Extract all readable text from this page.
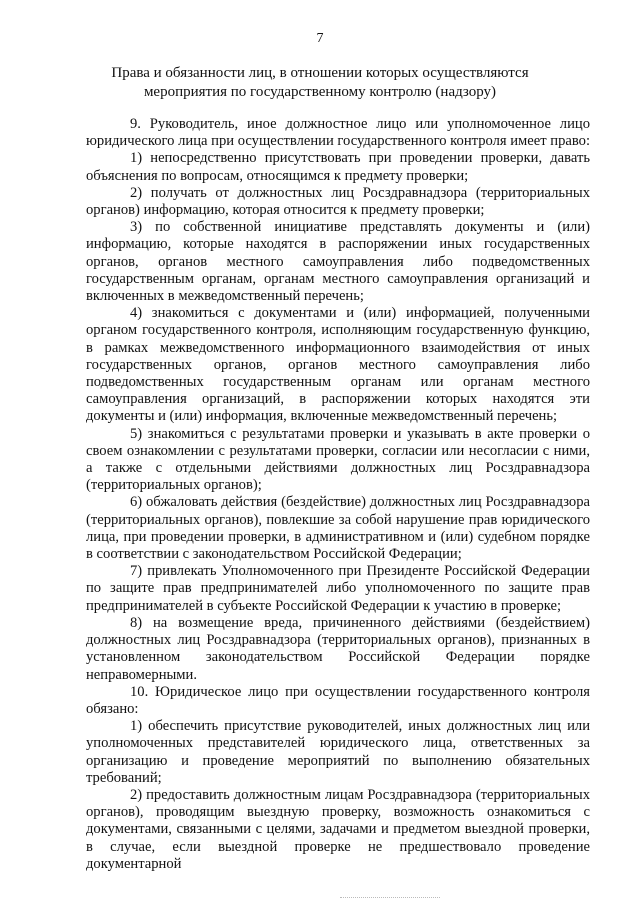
7
Права и обязанности лиц, в отношении которых осуществляются
мероприятия по государственному контролю (надзору)

9. Руководитель, иное должностное лицо или уполномоченное лицо юридического лица при осуществлении государственного контроля имеет право:

1) непосредственно присутствовать при проведении проверки, давать объяснения по вопросам, относящимся к предмету проверки;

2) получать от должностных лиц Росздравнадзора (территориальных органов) информацию, которая относится к предмету проверки;

3) по собственной инициативе представлять документы и (или) информацию, которые находятся в распоряжении иных государственных органов, органов местного самоуправления либо подведомственных государственным органам, органам местного самоуправления организаций и включенных в межведомственный перечень;

4) знакомиться с документами и (или) информацией, полученными органом государственного контроля, исполняющим государственную функцию, в рамках межведомственного информационного взаимодействия от иных государственных органов, органов местного самоуправления либо подведомственных государственным органам или органам местного самоуправления организаций, в распоряжении которых находятся эти документы и (или) информация, включенные межведомственный перечень;

5) знакомиться с результатами проверки и указывать в акте проверки о своем ознакомлении с результатами проверки, согласии или несогласии с ними, а также с отдельными действиями должностных лиц Росздравнадзора (территориальных органов);

6) обжаловать действия (бездействие) должностных лиц Росздравнадзора (территориальных органов), повлекшие за собой нарушение прав юридического лица, при проведении проверки, в административном и (или) судебном порядке в соответствии с законодательством Российской Федерации;

7) привлекать Уполномоченного при Президенте Российской Федерации по защите прав предпринимателей либо уполномоченного по защите прав предпринимателей в субъекте Российской Федерации к участию в проверке;

8) на возмещение вреда, причиненного действиями (бездействием) должностных лиц Росздравнадзора (территориальных органов), признанных в установленном законодательством Российской Федерации порядке неправомерными.

10. Юридическое лицо при осуществлении государственного контроля обязано:

1) обеспечить присутствие руководителей, иных должностных лиц или уполномоченных представителей юридического лица, ответственных за организацию и проведение мероприятий по выполнению обязательных требований;

2) предоставить должностным лицам Росздравнадзора (территориальных органов), проводящим выездную проверку, возможность ознакомиться с документами, связанными с целями, задачами и предметом выездной проверки, в случае, если выездной проверке не предшествовало проведение документарной
